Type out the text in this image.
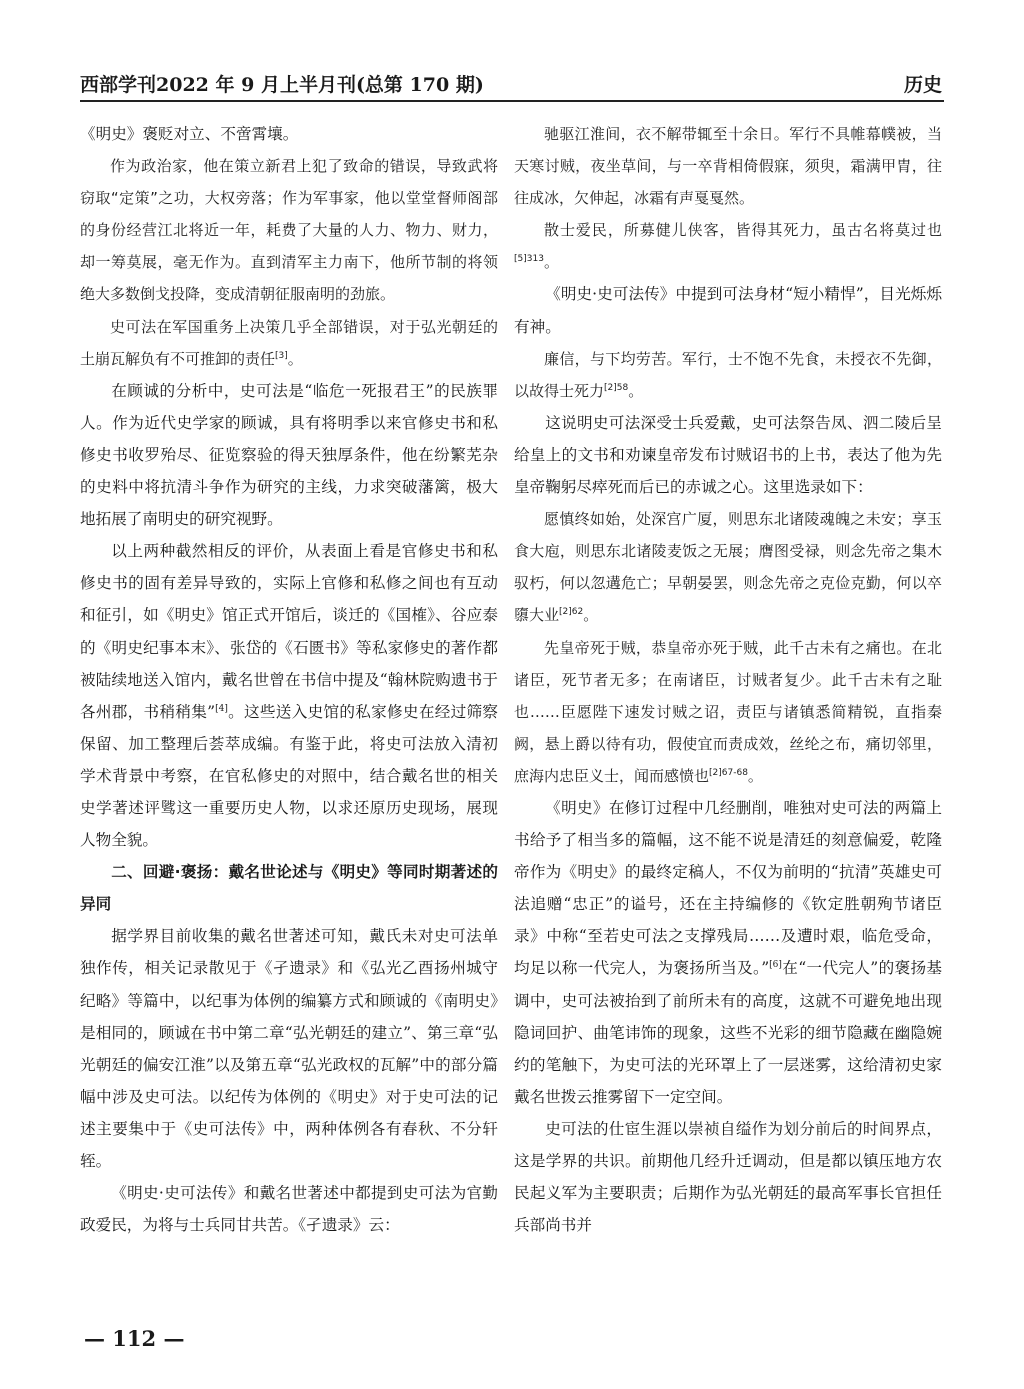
西部学刊2022 年 9 月上半月刊(总第 170 期)	历史

《明史》褒贬对立、不啻霄壤。

作为政治家，他在策立新君上犯了致命的错误，导致武将窃取“定策”之功，大权旁落；作为军事家，他以堂堂督师阁部的身份经营江北将近一年，耗费了大量的人力、物力、财力，却一筹莫展，毫无作为。直到清军主力南下，他所节制的将领绝大多数倒戈投降，变成清朝征服南明的劲旅。

史可法在军国重务上决策几乎全部错误，对于弘光朝廷的土崩瓦解负有不可推卸的责任[3]。

在顾诚的分析中，史可法是“临危一死报君王”的民族罪人。作为近代史学家的顾诚，具有将明季以来官修史书和私修史书收罗殆尽、征览察验的得天独厚条件，他在纷繁芜杂的史料中将抗清斗争作为研究的主线，力求突破藩篱，极大地拓展了南明史的研究视野。

以上两种截然相反的评价，从表面上看是官修史书和私修史书的固有差异导致的，实际上官修和私修之间也有互动和征引，如《明史》馆正式开馆后，谈迁的《国榷》、谷应泰的《明史纪事本末》、张岱的《石匮书》等私家修史的著作都被陆续地送入馆内，戴名世曾在书信中提及“翰林院购遗书于各州郡，书稍稍集”[4]。这些送入史馆的私家修史在经过筛察保留、加工整理后荟萃成编。有鉴于此，将史可法放入清初学术背景中考察，在官私修史的对照中，结合戴名世的相关史学著述评骘这一重要历史人物，以求还原历史现场，展现人物全貌。

二、回避·褒扬：戴名世论述与《明史》等同时期著述的异同

据学界目前收集的戴名世著述可知，戴氏未对史可法单独作传，相关记录散见于《孑遗录》和《弘光乙酉扬州城守纪略》等篇中，以纪事为体例的编纂方式和顾诚的《南明史》是相同的，顾诚在书中第二章“弘光朝廷的建立”、第三章“弘光朝廷的偏安江淮”以及第五章“弘光政权的瓦解”中的部分篇幅中涉及史可法。以纪传为体例的《明史》对于史可法的记述主要集中于《史可法传》中，两种体例各有春秋、不分轩轾。

《明史·史可法传》和戴名世著述中都提到史可法为官勤政爱民，为将与士兵同甘共苦。《孑遗录》云：

驰驱江淮间，衣不解带辄至十余日。军行不具帷幕幞被，当天寒讨贼，夜坐草间，与一卒背相倚假寐，须臾，霜满甲胄，往往成冰，欠伸起，冰霜有声戛戛然。

散士爱民，所募健儿侠客，皆得其死力，虽古名将莫过也$^{[5]313}$。

《明史·史可法传》中提到可法身材“短小精悍”，目光烁烁有神。

廉信，与下均劳苦。军行，士不饱不先食，未授衣不先御，以故得士死力$^{[2]58}$。

这说明史可法深受士兵爱戴，史可法祭告凤、泗二陵后呈给皇上的文书和劝谏皇帝发布讨贼诏书的上书，表达了他为先皇帝鞠躬尽瘁死而后已的赤诚之心。这里选录如下：

愿慎终如始，处深宫广厦，则思东北诸陵魂魄之未安；享玉食大庖，则思东北诸陵麦饭之无展；膺图受禄，则念先帝之集木驭朽，何以忽遘危亡；早朝晏罢，则念先帝之克俭克勤，何以卒隳大业$^{[2]62}$。

先皇帝死于贼，恭皇帝亦死于贼，此千古未有之痛也。在北诸臣，死节者无多；在南诸臣，讨贼者复少。此千古未有之耻也……臣愿陛下速发讨贼之诏，责臣与诸镇悉简精锐，直指秦阙，悬上爵以待有功，假使宜而责成效，丝纶之布，痛切邻里，庶海内忠臣义士，闻而感愤也$^{[2]67-68}$。

《明史》在修订过程中几经删削，唯独对史可法的两篇上书给予了相当多的篇幅，这不能不说是清廷的刻意偏爱，乾隆帝作为《明史》的最终定稿人，不仅为前明的“抗清”英雄史可法追赠“忠正”的谥号，还在主持编修的《钦定胜朝殉节诸臣录》中称“至若史可法之支撑残局……及遭时艰，临危受命，均足以称一代完人，为褒扬所当及。”[6]在“一代完人”的褒扬基调中，史可法被抬到了前所未有的高度，这就不可避免地出现隐词回护、曲笔讳饰的现象，这些不光彩的细节隐藏在幽隐婉约的笔触下，为史可法的光环罩上了一层迷雾，这给清初史家戴名世拨云推雾留下一定空间。

史可法的仕宦生涯以崇祯自缢作为划分前后的时间界点，这是学界的共识。前期他几经升迁调动，但是都以镇压地方农民起义军为主要职责；后期作为弘光朝廷的最高军事长官担任兵部尚书并

— 112 —
